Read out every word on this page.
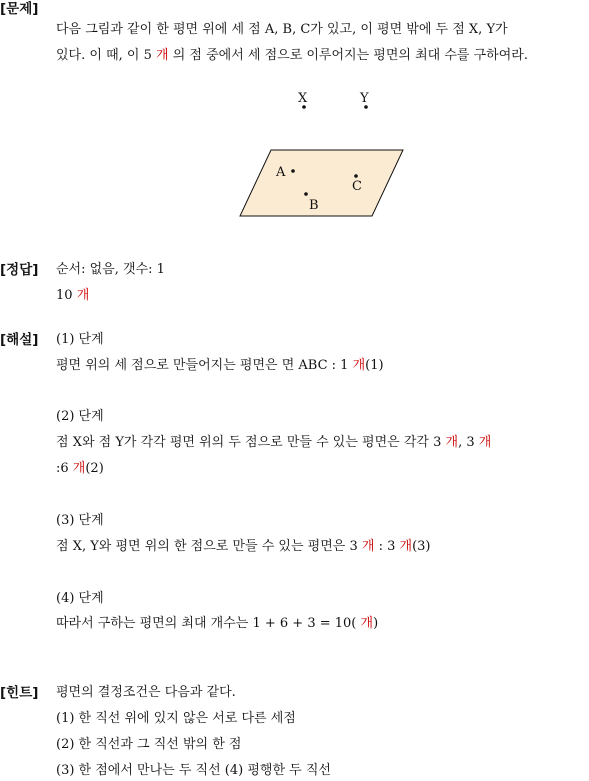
[문제]
다음 그림과 같이 한 평면 위에 세 점 A, B, C가 있고, 이 평면 밖에 두 점 X, Y가
있다. 이 때, 이 5 개 의 점 중에서 세 점으로 이루어지는 평면의 최대 수를 구하여라.
X	Y
A
B
C
[정답] 순서: 없음, 갯수: 1
10 개
[해설] (1) 단계
평면 위의 세 점으로 만들어지는 평면은 면 ABC : 1 개(1)
(2) 단계
점 X와 점 Y가 각각 평면 위의 두 점으로 만들 수 있는 평면은 각각 3 개, 3 개
:6 개(2)
(3) 단계
점 X, Y와 평면 위의 한 점으로 만들 수 있는 평면은 3 개 : 3 개(3)
(4) 단계
따라서 구하는 평면의 최대 개수는 1 + 6 + 3 = 10( 개)
[힌트] 평면의 결정조건은 다음과 같다.
(1) 한 직선 위에 있지 않은 서로 다른 세점
(2) 한 직선과 그 직선 밖의 한 점
(3) 한 점에서 만나는 두 직선 (4) 평행한 두 직선
